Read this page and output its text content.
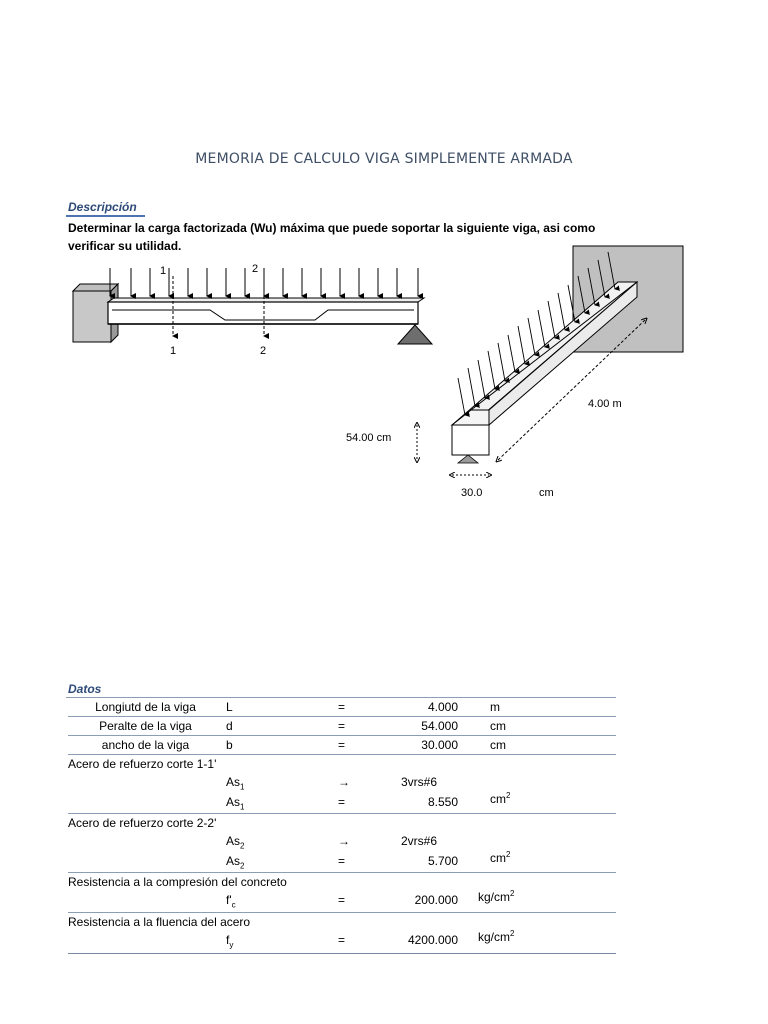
MEMORIA DE CALCULO VIGA SIMPLEMENTE ARMADA
Descripción
Determinar la carga factorizada (Wu) máxima que puede soportar la siguiente viga, asi como verificar su utilidad.
1	2
1	2
4.00 m
54.00 cm
30.0	cm
Datos
Longiutd de la viga	L	=	4.000	m
Peralte de la viga	d	=	54.000	cm
ancho de la viga	b	=	30.000	cm
Acero de refuerzo corte 1-1'
$As_1$	→	3vrs#6
$As_1$	=	8.550	$cm^2$
Acero de refuerzo corte 2-2'
$As_2$	→	2vrs#6
$As_2$	=	5.700	$cm^2$
Resistencia a la compresión del concreto
$f'_c$	=	200.000 $kg/cm^2$
Resistencia a la fluencia del acero
$f_y$	=	4200.000 $kg/cm^2$
